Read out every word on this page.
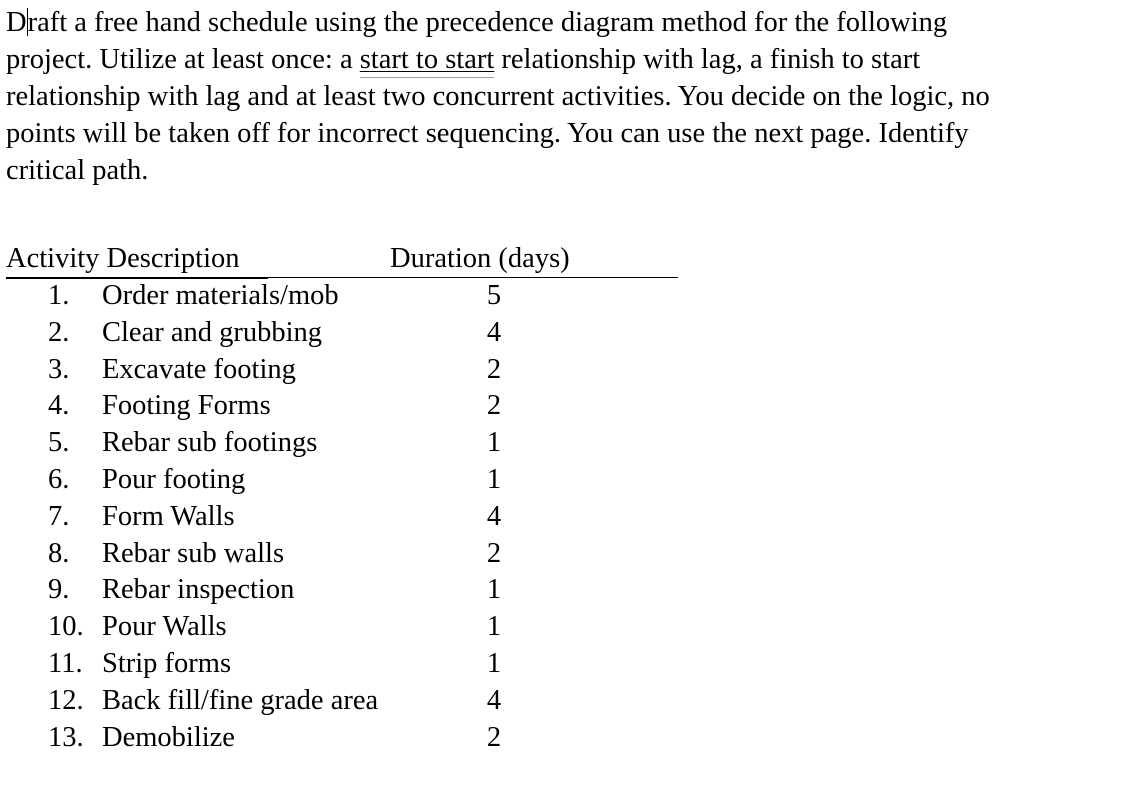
Draft a free hand schedule using the precedence diagram method for the following
project. Utilize at least once: a start to start relationship with lag, a finish to start
relationship with lag and at least two concurrent activities. You decide on the logic, no
points will be taken off for incorrect sequencing. You can use the next page. Identify
critical path.
Activity Description	Duration (days)
1.	Order materials/mob	5
2.	Clear and grubbing	4
3.	Excavate footing	2
4.	Footing Forms	2
5.	Rebar sub footings	1
6.	Pour footing	1
7.	Form Walls	4
8.	Rebar sub walls	2
9.	Rebar inspection	1
10. Pour Walls	1
11. Strip forms	1
12. Back fill/fine grade area	4
13. Demobilize	2
